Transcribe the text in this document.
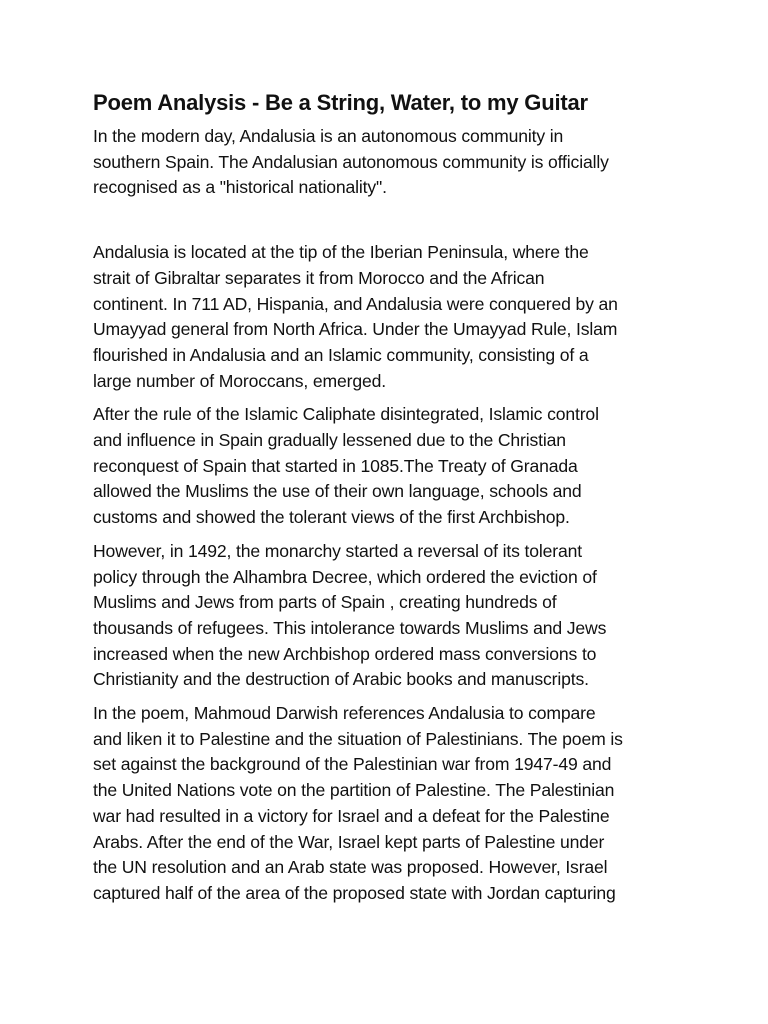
Poem Analysis - Be a String, Water, to my Guitar

In the modern day, Andalusia is an autonomous community in
southern Spain. The Andalusian autonomous community is officially
recognised as a "historical nationality".

Andalusia is located at the tip of the Iberian Peninsula, where the
strait of Gibraltar separates it from Morocco and the African
continent. In 711 AD, Hispania, and Andalusia were conquered by an
Umayyad general from North Africa. Under the Umayyad Rule, Islam
flourished in Andalusia and an Islamic community, consisting of a
large number of Moroccans, emerged.

After the rule of the Islamic Caliphate disintegrated, Islamic control
and influence in Spain gradually lessened due to the Christian
reconquest of Spain that started in 1085.The Treaty of Granada
allowed the Muslims the use of their own language, schools and
customs and showed the tolerant views of the first Archbishop.

However, in 1492, the monarchy started a reversal of its tolerant
policy through the Alhambra Decree, which ordered the eviction of
Muslims and Jews from parts of Spain , creating hundreds of
thousands of refugees. This intolerance towards Muslims and Jews
increased when the new Archbishop ordered mass conversions to
Christianity and the destruction of Arabic books and manuscripts.

In the poem, Mahmoud Darwish references Andalusia to compare
and liken it to Palestine and the situation of Palestinians. The poem is
set against the background of the Palestinian war from 1947-49 and
the United Nations vote on the partition of Palestine. The Palestinian
war had resulted in a victory for Israel and a defeat for the Palestine
Arabs. After the end of the War, Israel kept parts of Palestine under
the UN resolution and an Arab state was proposed. However, Israel
captured half of the area of the proposed state with Jordan capturing
